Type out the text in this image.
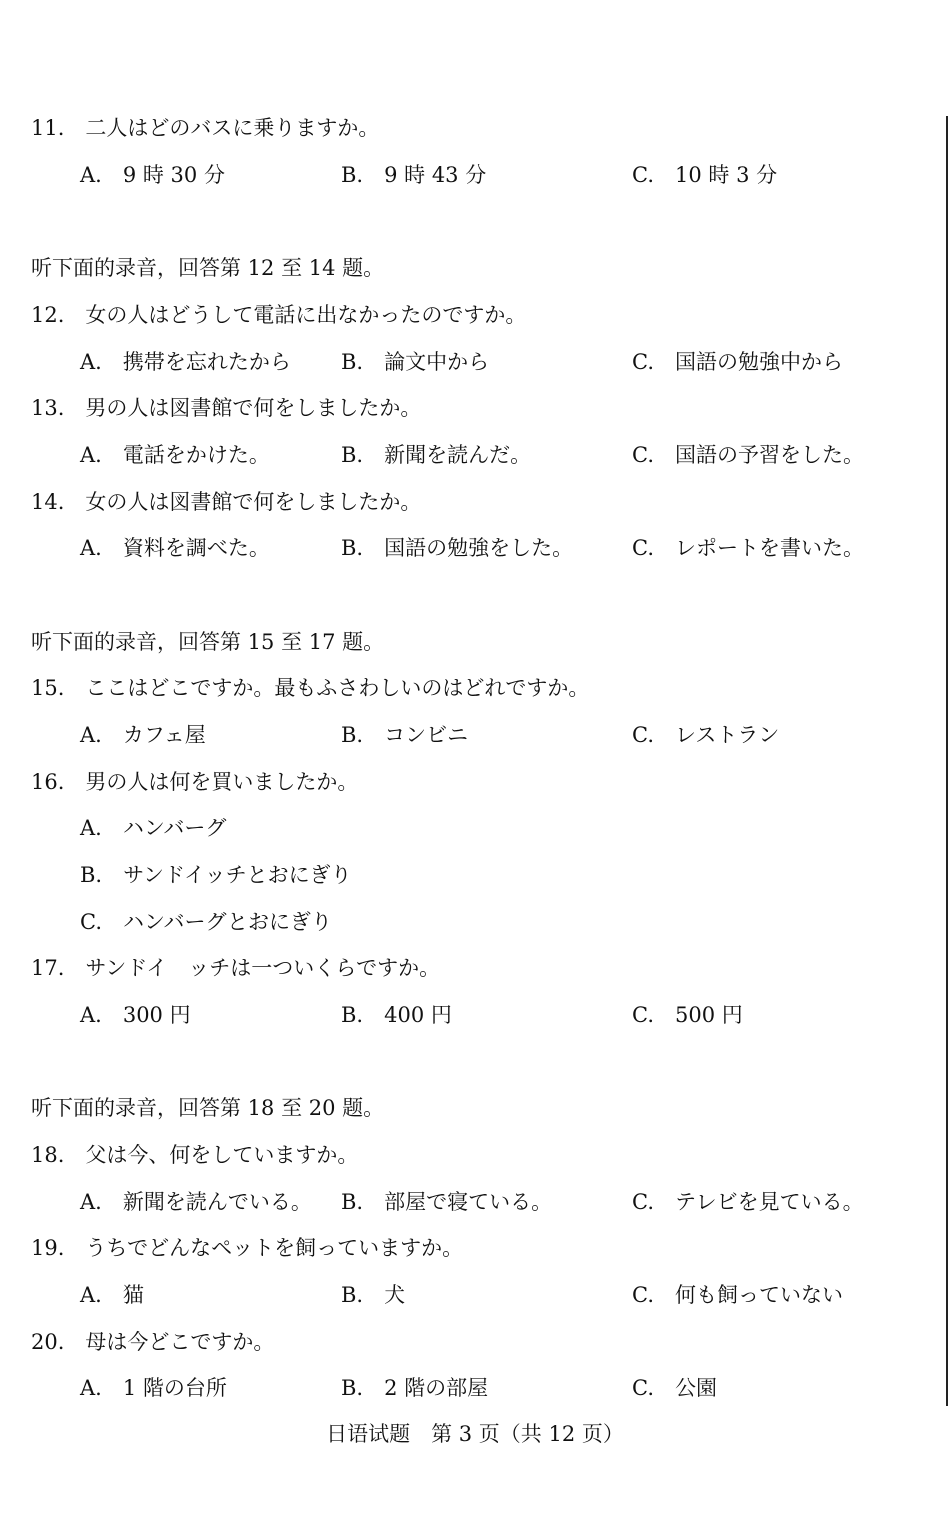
11.　二人はどのバスに乗りますか。
A.　9 時 30 分	B.　9 時 43 分	C.　10 時 3 分
听下面的录音，回答第 12 至 14 题。
12.　女の人はどうして電話に出なかったのですか。
A.　携帯を忘れたから B.　論文中から	C.　国語の勉強中から
13.　男の人は図書館で何をしましたか。
A.　電話をかけた。	B.　新聞を読んだ。	C.　国語の予習をした。
14.　女の人は図書館で何をしましたか。
A.　資料を調べた。	B.　国語の勉強をした。	C.　レポートを書いた。
听下面的录音，回答第 15 至 17 题。
15.　ここはどこですか。最もふさわしいのはどれですか。
A.　カフェ屋	B.　コンビニ	C.　レストラン
16.　男の人は何を買いましたか。
A.　ハンバーグ
B.　サンドイッチとおにぎり
C.　ハンバーグとおにぎり
17.　サンドイ　ッチは一ついくらですか。
A.　300 円	B.　400 円	C.　500 円
听下面的录音，回答第 18 至 20 题。
18.　父は今、何をしていますか。
A.　新聞を読んでいる。 B.　部屋で寝ている。	C.　テレビを見ている。
19.　うちでどんなペットを飼っていますか。
A.　猫	B.　犬	C.　何も飼っていない
20.　母は今どこですか。
A.　1 階の台所	B.　2 階の部屋	C.　公園
日语试题　第 3 页（共 12 页）
